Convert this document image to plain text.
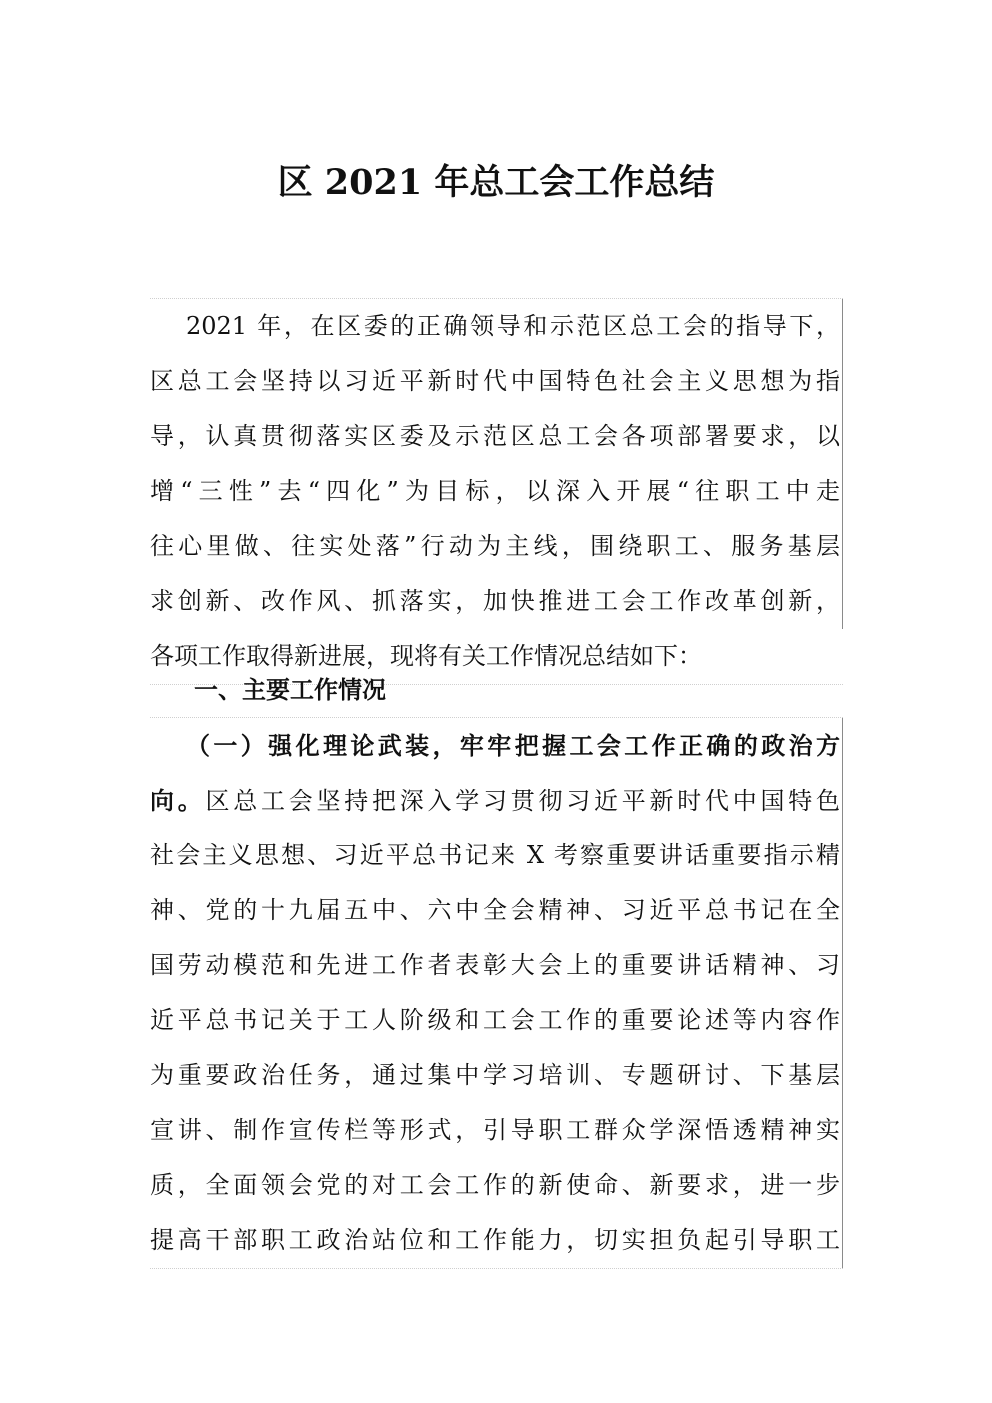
区 2021 年总工会工作总结
2021 年，在区委的正确领导和示范区总工会的指导下，
区总工会坚持以习近平新时代中国特色社会主义思想为指
导，认真贯彻落实区委及示范区总工会各项部署要求，以
增“三性”去“四化”为目标，以深入开展“往职工中走
往心里做、往实处落”行动为主线，围绕职工、服务基层
求创新、改作风、抓落实，加快推进工会工作改革创新，
各项工作取得新进展，现将有关工作情况总结如下：
一、主要工作情况
（一）强化理论武装，牢牢把握工会工作正确的政治方
向。区总工会坚持把深入学习贯彻习近平新时代中国特色
社会主义思想、习近平总书记来 X 考察重要讲话重要指示精
神、党的十九届五中、六中全会精神、习近平总书记在全
国劳动模范和先进工作者表彰大会上的重要讲话精神、习
近平总书记关于工人阶级和工会工作的重要论述等内容作
为重要政治任务，通过集中学习培训、专题研讨、下基层
宣讲、制作宣传栏等形式，引导职工群众学深悟透精神实
质，全面领会党的对工会工作的新使命、新要求，进一步
提高干部职工政治站位和工作能力，切实担负起引导职工
